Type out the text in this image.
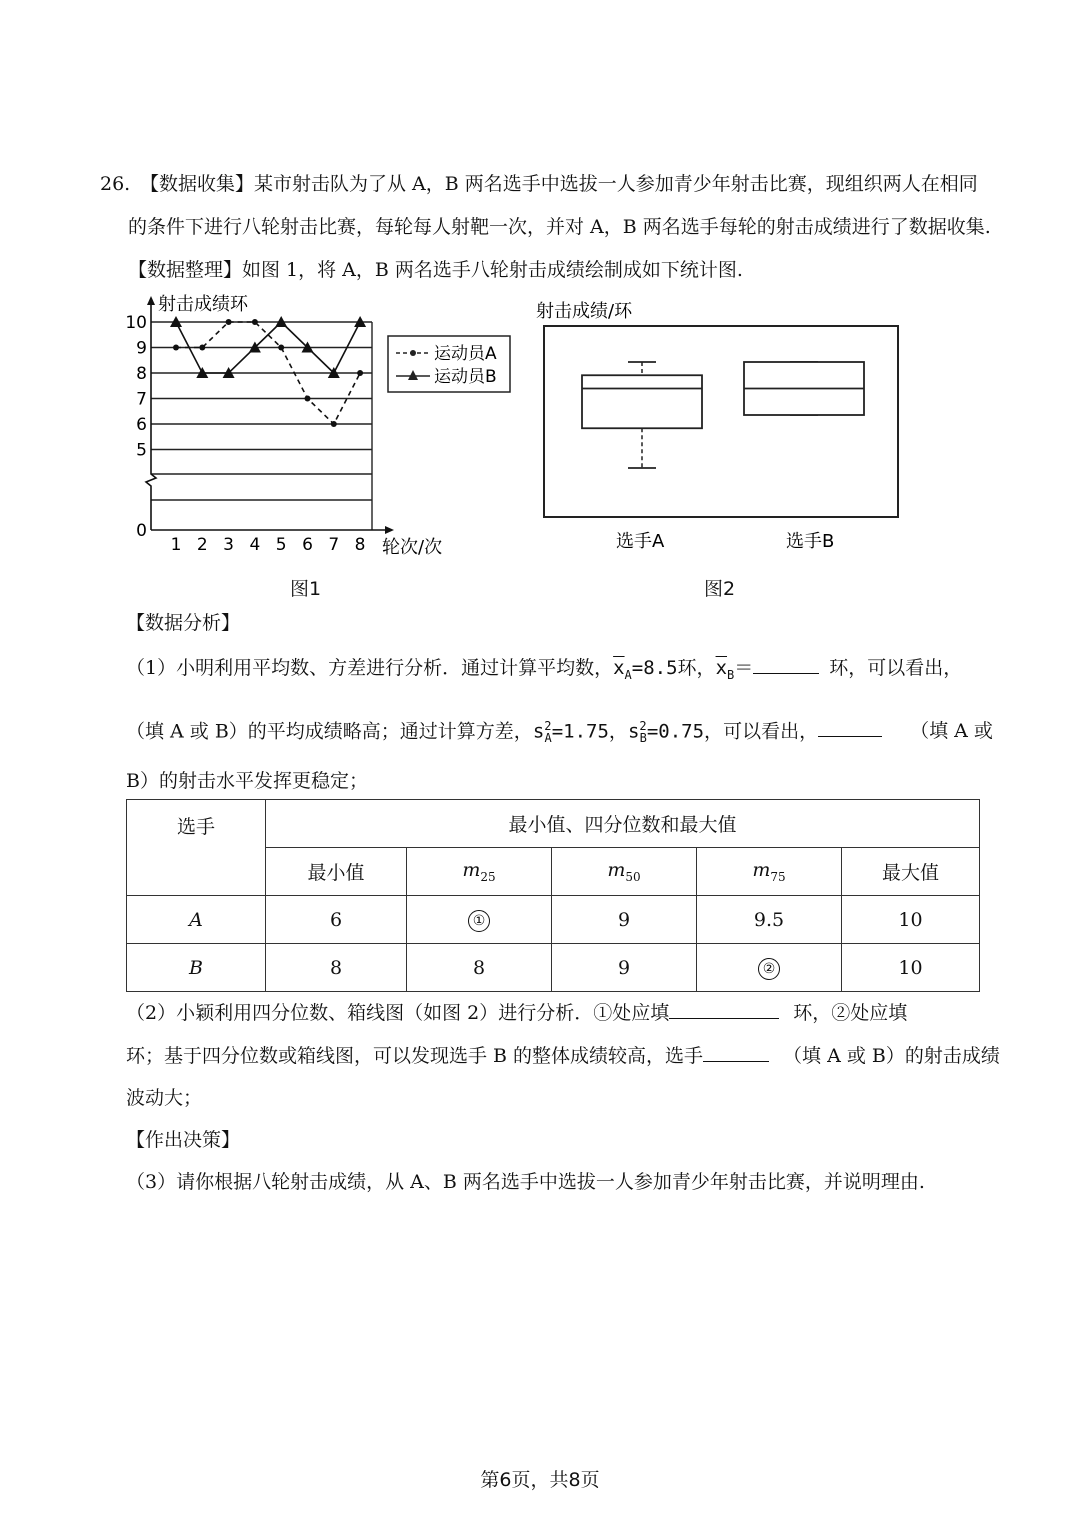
26. 【数据收集】某市射击队为了从 A，B 两名选手中选拔一人参加青少年射击比赛，现组织两人在相同
的条件下进行八轮射击比赛，每轮每人射靶一次，并对 A，B 两名选手每轮的射击成绩进行了数据收集.
【数据整理】如图 1，将 A，B 两名选手八轮射击成绩绘制成如下统计图.
10
9
8
7
6
5
0
1 2 3 4 5 6 7 8
射击成绩环
轮次/次
运动员A
运动员B
图1
射击成绩/环
选手A	选手B
图2
【数据分析】
（1）小明利用平均数、方差进行分析．通过计算平均数，$\overline{x}_A=8.5$环，$\overline{x}_B=$	环，可以看出，
（填 A 或 B）的平均成绩略高；通过计算方差，$s^2_A=1.75$，$s^2_B=0.75$，可以看出，	（填 A 或
B）的射击水平发挥更稳定；
选手	最小值、四分位数和最大值				
	最小值	$m_{25}$	$m_{50}$	$m_{75}$	最大值
A	6	①	9	9.5	10
B	8	8	9	②	10
（2）小颖利用四分位数、箱线图（如图 2）进行分析．①处应填	环，②处应填
环；基于四分位数或箱线图，可以发现选手 B 的整体成绩较高，选手	（填 A 或 B）的射击成绩
波动大；
【作出决策】
（3）请你根据八轮射击成绩，从 A、B 两名选手中选拔一人参加青少年射击比赛，并说明理由.
第6页，共8页
